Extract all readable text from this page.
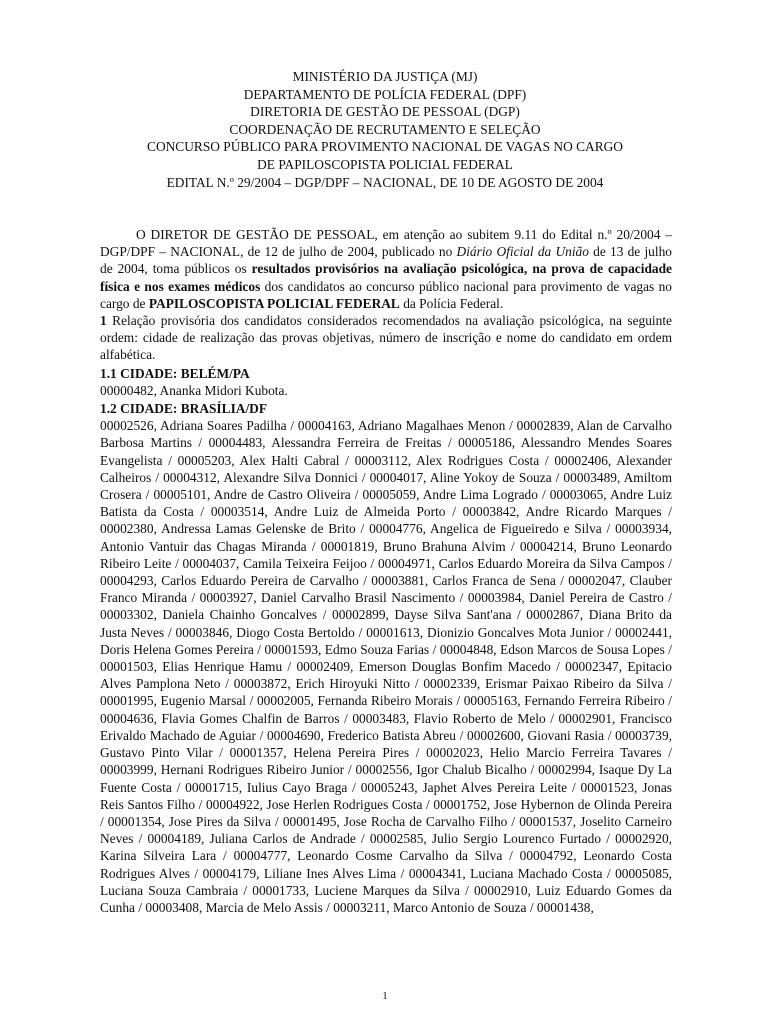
MINISTÉRIO DA JUSTIÇA (MJ)
DEPARTAMENTO DE POLÍCIA FEDERAL (DPF)
DIRETORIA DE GESTÃO DE PESSOAL (DGP)
COORDENAÇÃO DE RECRUTAMENTO E SELEÇÃO
CONCURSO PÚBLICO PARA PROVIMENTO NACIONAL DE VAGAS NO CARGO
DE PAPILOSCOPISTA POLICIAL FEDERAL
EDITAL N.º 29/2004 – DGP/DPF – NACIONAL, DE 10 DE AGOSTO DE 2004

O DIRETOR DE GESTÃO DE PESSOAL, em atenção ao subitem 9.11 do Edital n.º 20/2004 – DGP/DPF – NACIONAL, de 12 de julho de 2004, publicado no Diário Oficial da União de 13 de julho de 2004, toma públicos os resultados provisórios na avaliação psicológica, na prova de capacidade física e nos exames médicos dos candidatos ao concurso público nacional para provimento de vagas no cargo de PAPILOSCOPISTA POLICIAL FEDERAL da Polícia Federal.

1 Relação provisória dos candidatos considerados recomendados na avaliação psicológica, na seguinte ordem: cidade de realização das provas objetivas, número de inscrição e nome do candidato em ordem alfabética.

1.1 CIDADE: BELÉM/PA

00000482, Ananka Midori Kubota.

1.2 CIDADE: BRASÍLIA/DF

00002526, Adriana Soares Padilha / 00004163, Adriano Magalhaes Menon / 00002839, Alan de Carvalho Barbosa Martins / 00004483, Alessandra Ferreira de Freitas / 00005186, Alessandro Mendes Soares Evangelista / 00005203, Alex Halti Cabral / 00003112, Alex Rodrigues Costa / 00002406, Alexander Calheiros / 00004312, Alexandre Silva Donnici / 00004017, Aline Yokoy de Souza / 00003489, Amiltom Crosera / 00005101, Andre de Castro Oliveira / 00005059, Andre Lima Logrado / 00003065, Andre Luiz Batista da Costa / 00003514, Andre Luiz de Almeida Porto / 00003842, Andre Ricardo Marques / 00002380, Andressa Lamas Gelenske de Brito / 00004776, Angelica de Figueiredo e Silva / 00003934, Antonio Vantuir das Chagas Miranda / 00001819, Bruno Brahuna Alvim / 00004214, Bruno Leonardo Ribeiro Leite / 00004037, Camila Teixeira Feijoo / 00004971, Carlos Eduardo Moreira da Silva Campos / 00004293, Carlos Eduardo Pereira de Carvalho / 00003881, Carlos Franca de Sena / 00002047, Clauber Franco Miranda / 00003927, Daniel Carvalho Brasil Nascimento / 00003984, Daniel Pereira de Castro / 00003302, Daniela Chainho Goncalves / 00002899, Dayse Silva Sant'ana / 00002867, Diana Brito da Justa Neves / 00003846, Diogo Costa Bertoldo / 00001613, Dionizio Goncalves Mota Junior / 00002441, Doris Helena Gomes Pereira / 00001593, Edmo Souza Farias / 00004848, Edson Marcos de Sousa Lopes / 00001503, Elias Henrique Hamu / 00002409, Emerson Douglas Bonfim Macedo / 00002347, Epitacio Alves Pamplona Neto / 00003872, Erich Hiroyuki Nitto / 00002339, Erismar Paixao Ribeiro da Silva / 00001995, Eugenio Marsal / 00002005, Fernanda Ribeiro Morais / 00005163, Fernando Ferreira Ribeiro / 00004636, Flavia Gomes Chalfin de Barros / 00003483, Flavio Roberto de Melo / 00002901, Francisco Erivaldo Machado de Aguiar / 00004690, Frederico Batista Abreu / 00002600, Giovani Rasia / 00003739, Gustavo Pinto Vilar / 00001357, Helena Pereira Pires / 00002023, Helio Marcio Ferreira Tavares / 00003999, Hernani Rodrigues Ribeiro Junior / 00002556, Igor Chalub Bicalho / 00002994, Isaque Dy La Fuente Costa / 00001715, Iulius Cayo Braga / 00005243, Japhet Alves Pereira Leite / 00001523, Jonas Reis Santos Filho / 00004922, Jose Herlen Rodrigues Costa / 00001752, Jose Hybernon de Olinda Pereira / 00001354, Jose Pires da Silva / 00001495, Jose Rocha de Carvalho Filho / 00001537, Joselito Carneiro Neves / 00004189, Juliana Carlos de Andrade / 00002585, Julio Sergio Lourenco Furtado / 00002920, Karina Silveira Lara / 00004777, Leonardo Cosme Carvalho da Silva / 00004792, Leonardo Costa Rodrigues Alves / 00004179, Liliane Ines Alves Lima / 00004341, Luciana Machado Costa / 00005085, Luciana Souza Cambraia / 00001733, Luciene Marques da Silva / 00002910, Luiz Eduardo Gomes da Cunha / 00003408, Marcia de Melo Assis / 00003211, Marco Antonio de Souza / 00001438,

1
